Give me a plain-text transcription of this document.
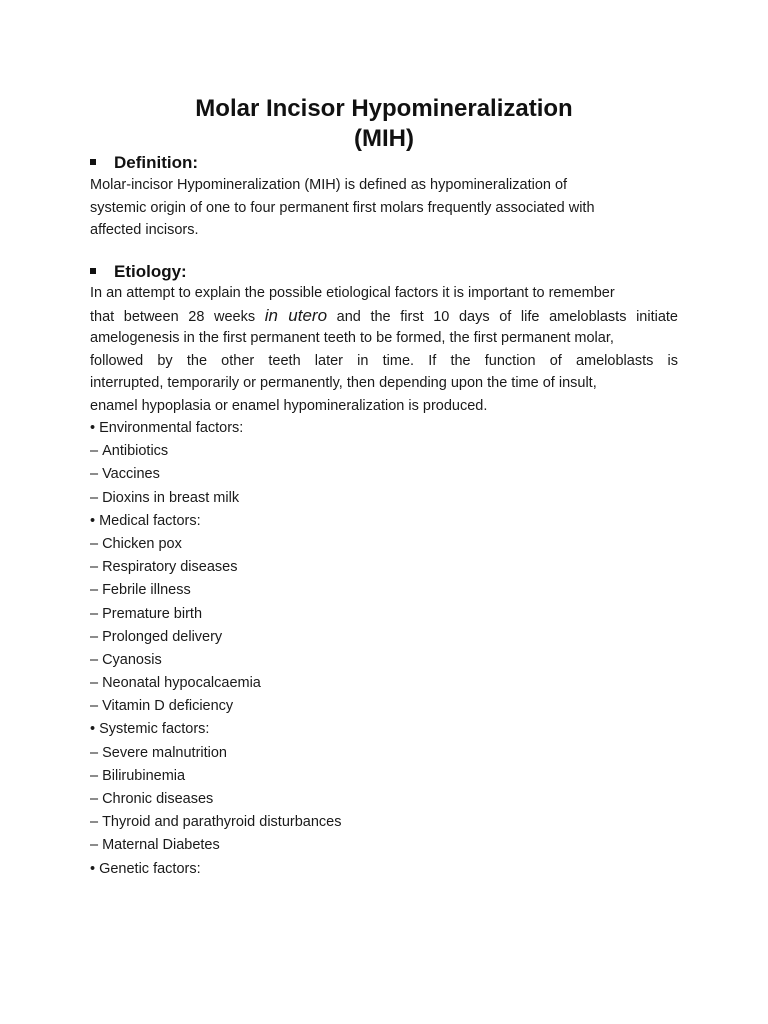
Molar Incisor Hypomineralization
(MIH)
Definition:
Molar-incisor Hypomineralization (MIH) is defined as hypomineralization of
systemic origin of one to four permanent first molars frequently associated with
affected incisors.
Etiology:
In an attempt to explain the possible etiological factors it is important to remember
that between 28 weeks in utero and the first 10 days of life ameloblasts initiate
amelogenesis in the first permanent teeth to be formed, the first permanent molar,
followed by the other teeth later in time. If the function of ameloblasts is
interrupted, temporarily or permanently, then depending upon the time of insult,
enamel hypoplasia or enamel hypomineralization is produced.
• Environmental factors:
– Antibiotics
– Vaccines
– Dioxins in breast milk
• Medical factors:
– Chicken pox
– Respiratory diseases
– Febrile illness
– Premature birth
– Prolonged delivery
– Cyanosis
– Neonatal hypocalcaemia
– Vitamin D deficiency
• Systemic factors:
– Severe malnutrition
– Bilirubinemia
– Chronic diseases
– Thyroid and parathyroid disturbances
– Maternal Diabetes
• Genetic factors:
